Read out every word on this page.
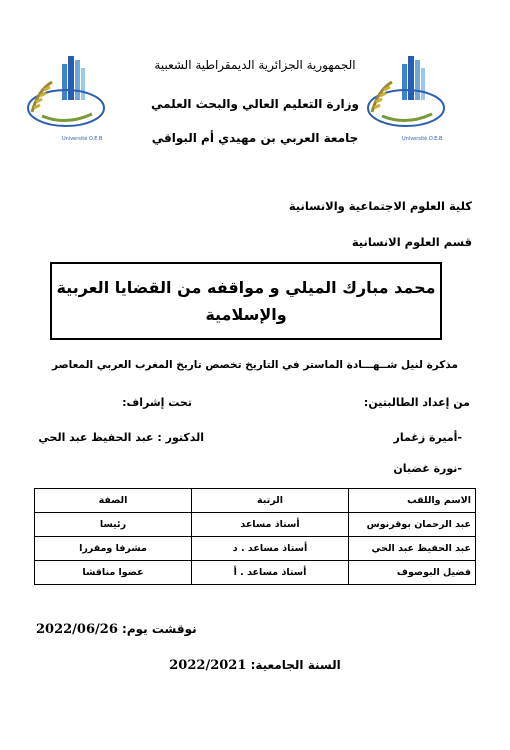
Université O.E.B	Université O.E.B
الجمهورية الجزائرية الديمقراطية الشعبية
وزارة التعليم العالي والبحث العلمي
جامعة العربي بن مهيدي أم البواقي
كلية العلوم الاجتماعية والانسانية
قسم العلوم الانسانية
محمد مبارك الميلي و مواقفه من القضايا العربية
والإسلامية
مذكرة لنيل شــهـــادة الماستر في التاريخ تخصص تاريخ المغرب العربي المعاصر
من إعداد الطالبتين:
تحت إشراف:
-أميرة زغمار
الدكتور : عبد الحفيظ عبد الحي
-نورة غضبان
الاسم واللقب	الرتبة	الصفة
عبد الرحمان بوقرنوس	أستاذ مساعد	رئيسا
عبد الحفيظ عبد الحي	أستاذ مساعد . د	مشرفا ومقررا
فضيل البوصوف	أستاذ مساعد . أ	عضوا مناقشا
2022/06/26 نوقشت يوم:
السنة الجامعية: 2022/2021
